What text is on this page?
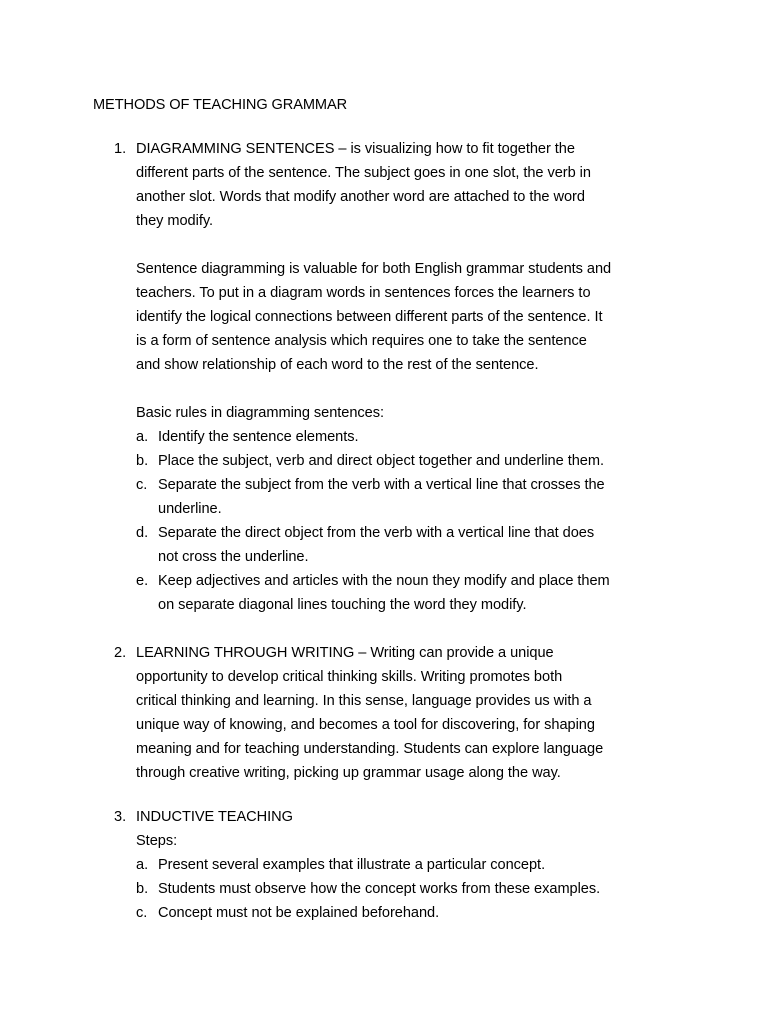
METHODS OF TEACHING GRAMMAR
1. DIAGRAMMING SENTENCES – is visualizing how to fit together the
different parts of the sentence. The subject goes in one slot, the verb in
another slot. Words that modify another word are attached to the word
they modify.
Sentence diagramming is valuable for both English grammar students and
teachers. To put in a diagram words in sentences forces the learners to
identify the logical connections between different parts of the sentence. It
is a form of sentence analysis which requires one to take the sentence
and show relationship of each word to the rest of the sentence.
Basic rules in diagramming sentences:
a. Identify the sentence elements.
b. Place the subject, verb and direct object together and underline them.
c. Separate the subject from the verb with a vertical line that crosses the
underline.
d. Separate the direct object from the verb with a vertical line that does
not cross the underline.
e. Keep adjectives and articles with the noun they modify and place them
on separate diagonal lines touching the word they modify.
2. LEARNING THROUGH WRITING – Writing can provide a unique
opportunity to develop critical thinking skills. Writing promotes both
critical thinking and learning. In this sense, language provides us with a
unique way of knowing, and becomes a tool for discovering, for shaping
meaning and for teaching understanding. Students can explore language
through creative writing, picking up grammar usage along the way.
3. INDUCTIVE TEACHING
Steps:
a. Present several examples that illustrate a particular concept.
b. Students must observe how the concept works from these examples.
c. Concept must not be explained beforehand.
